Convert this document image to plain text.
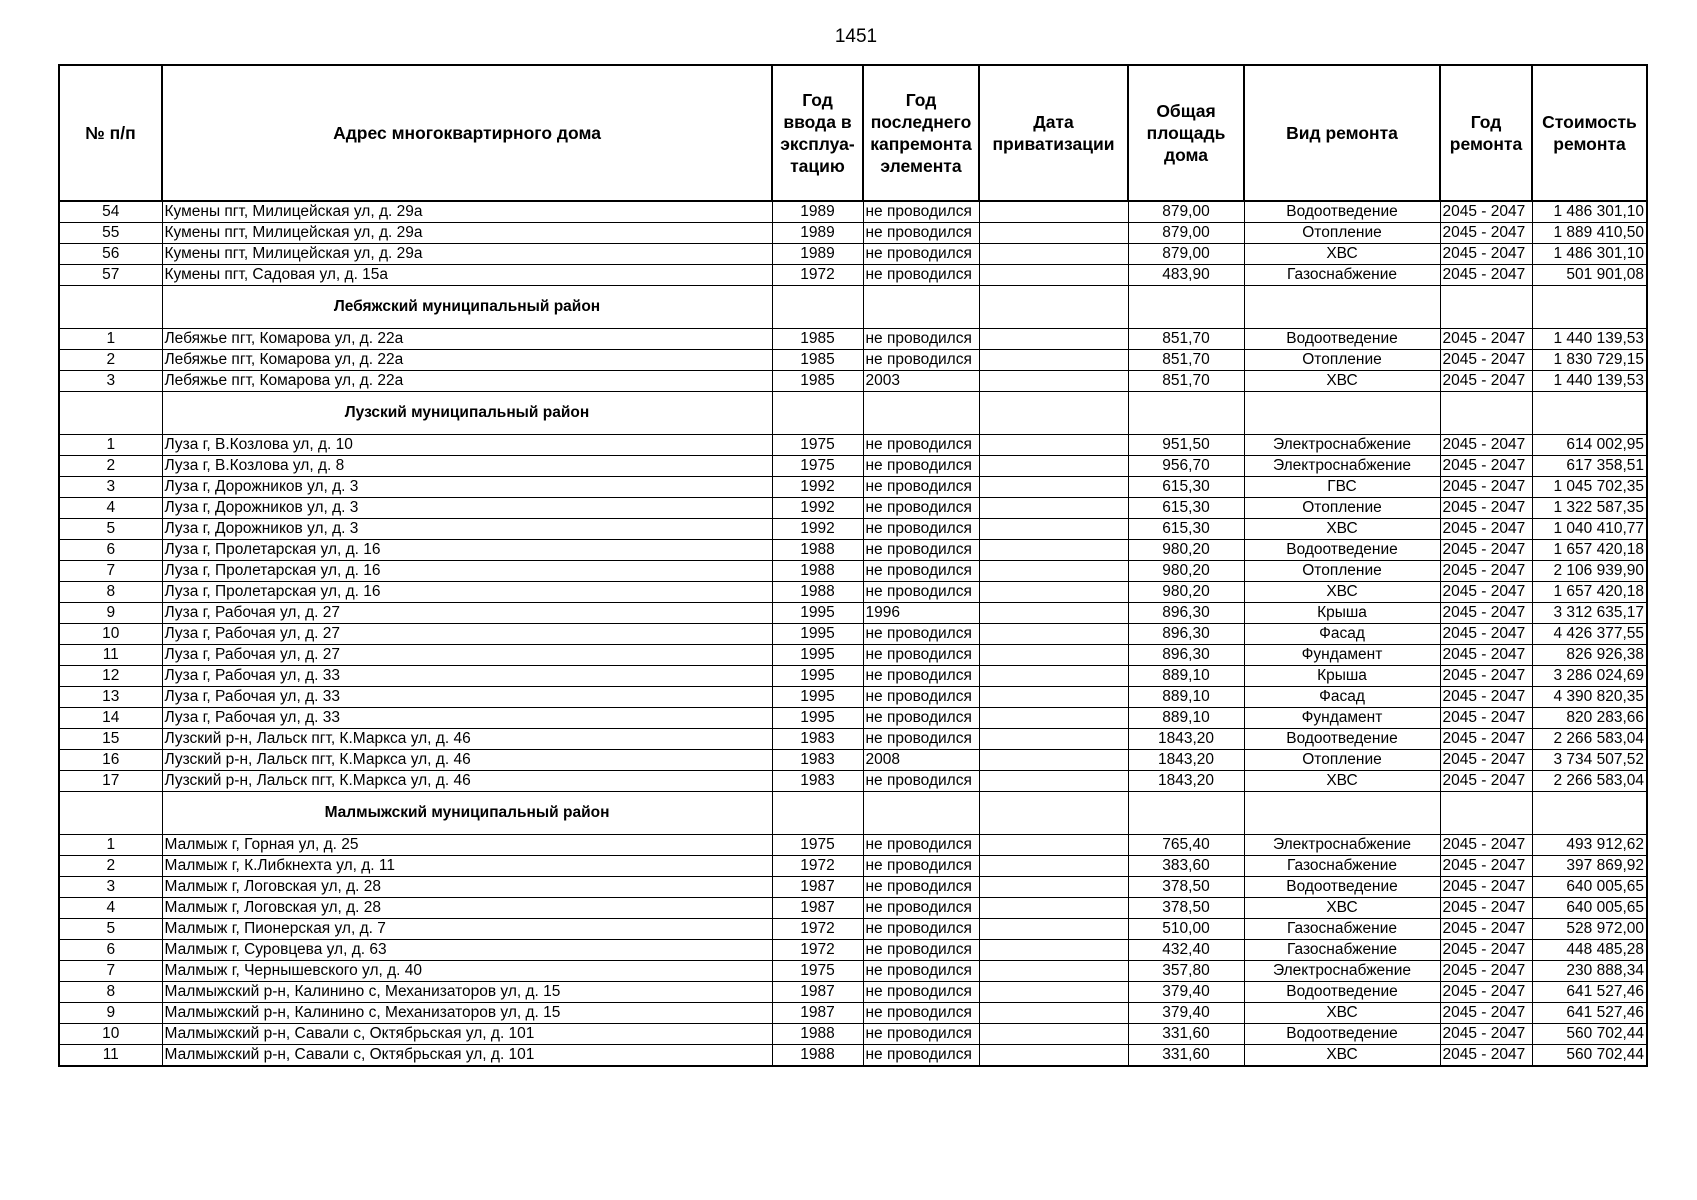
1451
№ п/п	Адрес многоквартирного дома	Год ввода в эксплуа-тацию	Год последнего капремонта элемента	Дата приватизации	Общая площадь дома	Вид ремонта	Год ремонта	Стоимость ремонта
54	Кумены пгт, Милицейская ул, д. 29а	1989	не проводился		879,00	Водоотведение	2045 - 2047	1 486 301,10
55	Кумены пгт, Милицейская ул, д. 29а	1989	не проводился		879,00	Отопление	2045 - 2047	1 889 410,50
56	Кумены пгт, Милицейская ул, д. 29а	1989	не проводился		879,00	ХВС	2045 - 2047	1 486 301,10
57	Кумены пгт, Садовая ул, д. 15а	1972	не проводился		483,90	Газоснабжение	2045 - 2047	501 901,08
	Лебяжский муниципальный район							
1	Лебяжье пгт, Комарова ул, д. 22а	1985	не проводился		851,70	Водоотведение	2045 - 2047	1 440 139,53
2	Лебяжье пгт, Комарова ул, д. 22а	1985	не проводился		851,70	Отопление	2045 - 2047	1 830 729,15
3	Лебяжье пгт, Комарова ул, д. 22а	1985	2003		851,70	ХВС	2045 - 2047	1 440 139,53
	Лузский муниципальный район							
1	Луза г, В.Козлова ул, д. 10	1975	не проводился		951,50	Электроснабжение	2045 - 2047	614 002,95
2	Луза г, В.Козлова ул, д. 8	1975	не проводился		956,70	Электроснабжение	2045 - 2047	617 358,51
3	Луза г, Дорожников ул, д. 3	1992	не проводился		615,30	ГВС	2045 - 2047	1 045 702,35
4	Луза г, Дорожников ул, д. 3	1992	не проводился		615,30	Отопление	2045 - 2047	1 322 587,35
5	Луза г, Дорожников ул, д. 3	1992	не проводился		615,30	ХВС	2045 - 2047	1 040 410,77
6	Луза г, Пролетарская ул, д. 16	1988	не проводился		980,20	Водоотведение	2045 - 2047	1 657 420,18
7	Луза г, Пролетарская ул, д. 16	1988	не проводился		980,20	Отопление	2045 - 2047	2 106 939,90
8	Луза г, Пролетарская ул, д. 16	1988	не проводился		980,20	ХВС	2045 - 2047	1 657 420,18
9	Луза г, Рабочая ул, д. 27	1995	1996		896,30	Крыша	2045 - 2047	3 312 635,17
10	Луза г, Рабочая ул, д. 27	1995	не проводился		896,30	Фасад	2045 - 2047	4 426 377,55
11	Луза г, Рабочая ул, д. 27	1995	не проводился		896,30	Фундамент	2045 - 2047	826 926,38
12	Луза г, Рабочая ул, д. 33	1995	не проводился		889,10	Крыша	2045 - 2047	3 286 024,69
13	Луза г, Рабочая ул, д. 33	1995	не проводился		889,10	Фасад	2045 - 2047	4 390 820,35
14	Луза г, Рабочая ул, д. 33	1995	не проводился		889,10	Фундамент	2045 - 2047	820 283,66
15	Лузский р-н, Лальск пгт, К.Маркса ул, д. 46	1983	не проводился		1843,20	Водоотведение	2045 - 2047	2 266 583,04
16	Лузский р-н, Лальск пгт, К.Маркса ул, д. 46	1983	2008		1843,20	Отопление	2045 - 2047	3 734 507,52
17	Лузский р-н, Лальск пгт, К.Маркса ул, д. 46	1983	не проводился		1843,20	ХВС	2045 - 2047	2 266 583,04
	Малмыжский муниципальный район							
1	Малмыж г, Горная ул, д. 25	1975	не проводился		765,40	Электроснабжение	2045 - 2047	493 912,62
2	Малмыж г, К.Либкнехта ул, д. 11	1972	не проводился		383,60	Газоснабжение	2045 - 2047	397 869,92
3	Малмыж г, Логовская ул, д. 28	1987	не проводился		378,50	Водоотведение	2045 - 2047	640 005,65
4	Малмыж г, Логовская ул, д. 28	1987	не проводился		378,50	ХВС	2045 - 2047	640 005,65
5	Малмыж г, Пионерская ул, д. 7	1972	не проводился		510,00	Газоснабжение	2045 - 2047	528 972,00
6	Малмыж г, Суровцева ул, д. 63	1972	не проводился		432,40	Газоснабжение	2045 - 2047	448 485,28
7	Малмыж г, Чернышевского ул, д. 40	1975	не проводился		357,80	Электроснабжение	2045 - 2047	230 888,34
8	Малмыжский р-н, Калинино с, Механизаторов ул, д. 15	1987	не проводился		379,40	Водоотведение	2045 - 2047	641 527,46
9	Малмыжский р-н, Калинино с, Механизаторов ул, д. 15	1987	не проводился		379,40	ХВС	2045 - 2047	641 527,46
10	Малмыжский р-н, Савали с, Октябрьская ул, д. 101	1988	не проводился		331,60	Водоотведение	2045 - 2047	560 702,44
11	Малмыжский р-н, Савали с, Октябрьская ул, д. 101	1988	не проводился		331,60	ХВС	2045 - 2047	560 702,44
